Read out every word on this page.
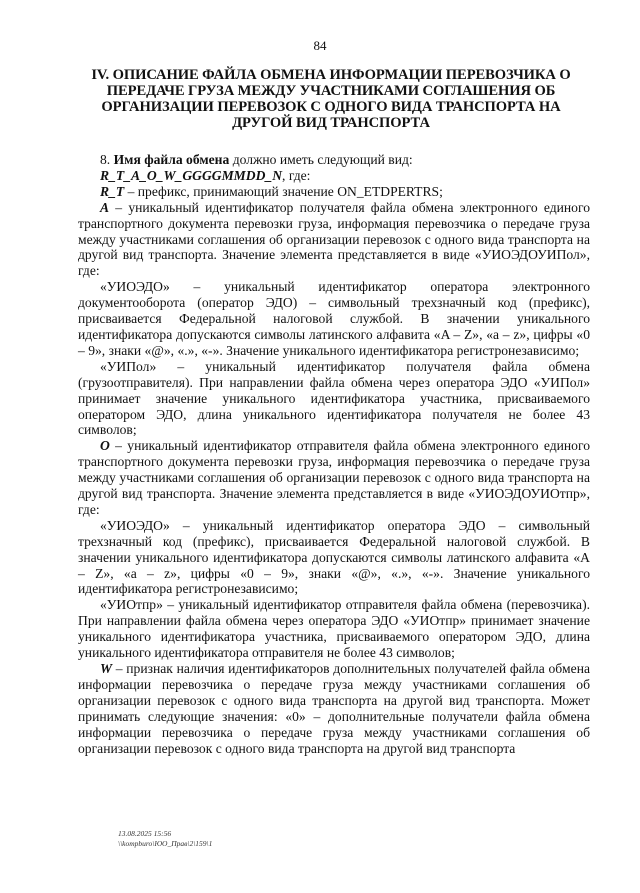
84
IV. ОПИСАНИЕ ФАЙЛА ОБМЕНА ИНФОРМАЦИИ ПЕРЕВОЗЧИКА О ПЕРЕДАЧЕ ГРУЗА МЕЖДУ УЧАСТНИКАМИ СОГЛАШЕНИЯ ОБ ОРГАНИЗАЦИИ ПЕРЕВОЗОК С ОДНОГО ВИДА ТРАНСПОРТА НА ДРУГОЙ ВИД ТРАНСПОРТА

8. Имя файла обмена должно иметь следующий вид:

R_T_A_O_W_GGGGMMDD_N, где:

R_T – префикс, принимающий значение ON_ETDPERTRS;

A – уникальный идентификатор получателя файла обмена электронного единого транспортного документа перевозки груза, информация перевозчика о передаче груза между участниками соглашения об организации перевозок с одного вида транспорта на другой вид транспорта. Значение элемента представляется в виде «УИОЭДОУИПол», где:

«УИОЭДО» – уникальный идентификатор оператора электронного документооборота (оператор ЭДО) – символьный трехзначный код (префикс), присваивается Федеральной налоговой службой. В значении уникального идентификатора допускаются символы латинского алфавита «A – Z», «a – z», цифры «0 – 9», знаки «@», «.», «-». Значение уникального идентификатора регистронезависимо;

«УИПол» – уникальный идентификатор получателя файла обмена (грузоотправителя). При направлении файла обмена через оператора ЭДО «УИПол» принимает значение уникального идентификатора участника, присваиваемого оператором ЭДО, длина уникального идентификатора получателя не более 43 символов;

O – уникальный идентификатор отправителя файла обмена электронного единого транспортного документа перевозки груза, информация перевозчика о передаче груза между участниками соглашения об организации перевозок с одного вида транспорта на другой вид транспорта. Значение элемента представляется в виде «УИОЭДОУИОтпр», где:

«УИОЭДО» – уникальный идентификатор оператора ЭДО – символьный трехзначный код (префикс), присваивается Федеральной налоговой службой. В значении уникального идентификатора допускаются символы латинского алфавита «A – Z», «a – z», цифры «0 – 9», знаки «@», «.», «-». Значение уникального идентификатора регистронезависимо;

«УИОтпр» – уникальный идентификатор отправителя файла обмена (перевозчика). При направлении файла обмена через оператора ЭДО «УИОтпр» принимает значение уникального идентификатора участника, присваиваемого оператором ЭДО, длина уникального идентификатора отправителя не более 43 символов;

W – признак наличия идентификаторов дополнительных получателей файла обмена информации перевозчика о передаче груза между участниками соглашения об организации перевозок с одного вида транспорта на другой вид транспорта. Может принимать следующие значения: «0» – дополнительные получатели файла обмена информации перевозчика о передаче груза между участниками соглашения об организации перевозок с одного вида транспорта на другой вид транспорта

13.08.2025 15:56
\\kompburo\ЮО_Прав\2\159\1
